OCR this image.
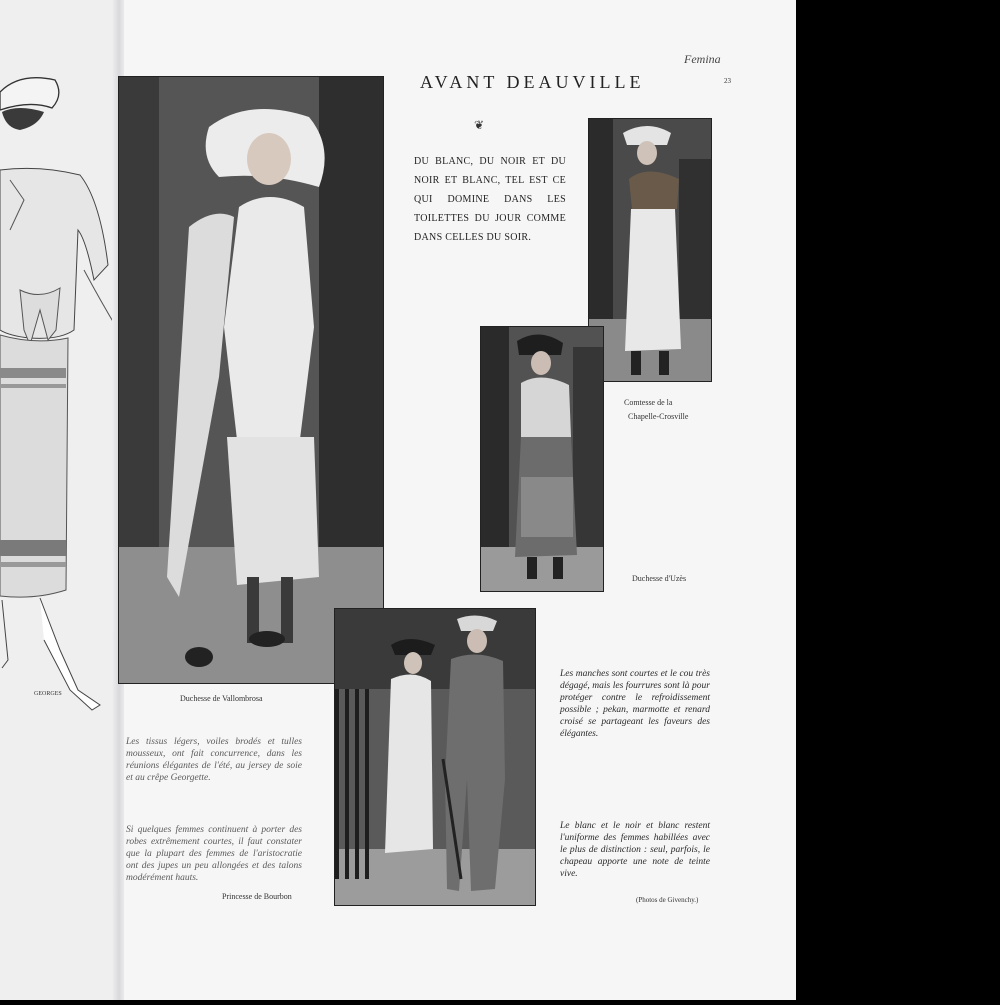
GEORGES
AVANT DEAUVILLE	23
Femina
❦
DU BLANC, DU NOIR ET DU NOIR ET BLANC, TEL EST CE QUI DOMINE DANS LES TOILETTES DU JOUR COMME DANS CELLES DU SOIR.
Duchesse de Vallombrosa
Comtesse de la
Chapelle-Crosville
Duchesse d'Uzès
Princesse de Bourbon
Les tissus légers, voiles brodés et tulles mousseux, ont fait concurrence, dans les réunions élégantes de l'été, au jersey de soie et au crêpe Georgette.
Si quelques femmes continuent à porter des robes extrêmement courtes, il faut constater que la plupart des femmes de l'aristocratie ont des jupes un peu allongées et des talons modérément hauts.
Les manches sont courtes et le cou très dégagé, mais les fourrures sont là pour protéger contre le refroidissement possible ; pekan, marmotte et renard croisé se partageant les faveurs des élégantes.
Le blanc et le noir et blanc restent l'uniforme des femmes habillées avec le plus de distinction : seul, parfois, le chapeau apporte une note de teinte vive.
(Photos de Givenchy.)
